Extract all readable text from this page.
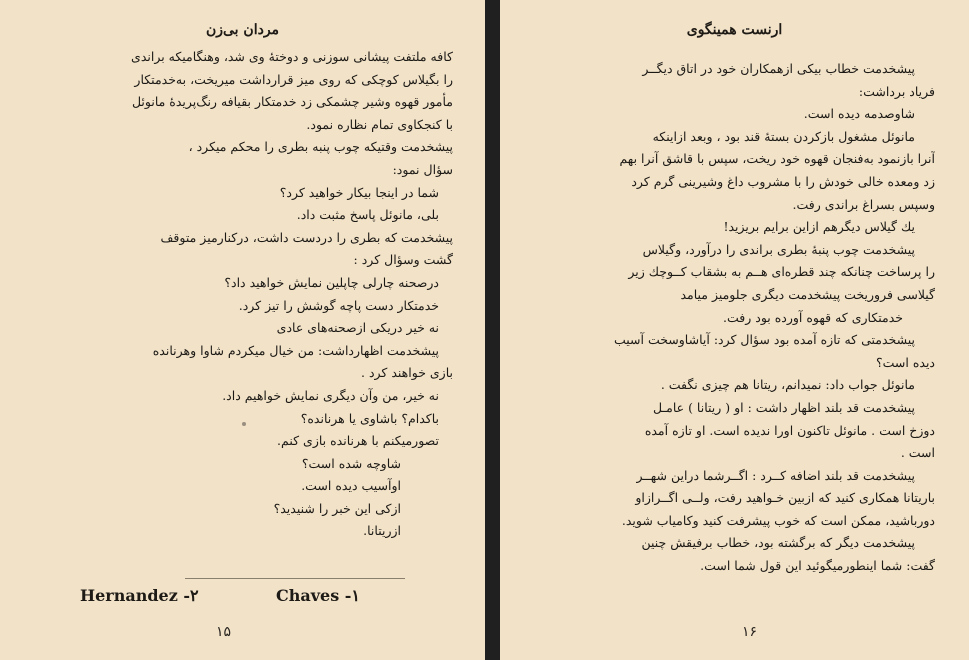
مردان بی‌زن
کافه ملتفت پیشانی سوزنی و دوختهٔ وی شد، وهنگامیکه براندی
را بگیلاس کوچکی که روی میز قرارداشت میریخت، به‌خدمتکار
مأمور قهوه وشیر چشمکی زد خدمتکار بقیافه رنگ‌پریدهٔ مانوئل
با کنجکاوی تمام نظاره نمود.
پیشخدمت وقتیکه چوب پنبه بطری را محکم میکرد ،
سؤال نمود:
شما در اینجا بیکار خواهید کرد؟
بلی، مانوئل پاسخ مثبت داد.
پیشخدمت که بطری را دردست داشت، درکنارمیز متوقف
گشت وسؤال کرد :
درصحنه چارلی چاپلین نمایش خواهید داد؟
خدمتکار دست پاچه گوشش را تیز کرد.
نه خیر دریکی ازصحنه‌های عادی
پیشخدمت اظهارداشت: من خیال میکردم شاوا وهرنانده
بازی خواهند کرد .
نه خیر، من وآن دیگری نمایش خواهیم داد.
باکدام؟ باشاوی یا هرنانده؟
تصورمیکنم با هرنانده بازی کنم.
شاوچه شده است؟
اوآسیب دیده است.
ازکی این خبر را شنیدید؟
ازریتانا.
Hernandez -۲	Chaves -۱
۱۵
ارنست همینگوی
پیشخدمت خطاب بیکی ازهمکاران خود در اتاق دیگــر
فریاد برداشت:
شاوصدمه دیده است.
مانوئل مشغول بازکردن بستهٔ قند بود ، وبعد ازاینکه
آنرا بازنمود به‌فنجان قهوه خود ریخت، سپس با قاشق آنرا بهم
زد ومعده خالی خودش را با مشروب داغ وشیرینی گرم کرد
وسپس بسراغ براندی رفت.
یك گیلاس دیگرهم ازاین برایم بریزید!
پیشخدمت چوب پنبهٔ بطری براندی را درآورد، وگیلاس
را پرساخت چنانکه چند قطره‌ای هــم به بشقاب کــوچك زیر
گیلاسی فروریخت پیشخدمت دیگری جلومیز میامد
خدمتکاری که قهوه آورده بود رفت.
پیشخدمتی که تازه آمده بود سؤال کرد: آیاشاوسخت آسیب
دیده است؟
مانوئل جواب داد: نمیدانم، ریتانا هم چیزی نگفت .
پیشخدمت قد بلند اظهار داشت : او ( ریتانا ) عامـل
دوزخ است . مانوئل تاکنون اورا ندیده است. او تازه آمده
است .
پیشخدمت قد بلند اضافه کــرد : اگــرشما دراین شهــر
باریتانا همکاری کنید که ازبین خـواهید رفت، ولــی اگــرازاو
دورباشید، ممکن است که خوب پیشرفت کنید وکامیاب شوید.
پیشخدمت دیگر که برگشته بود، خطاب برفیقش چنین
گفت: شما اینطورمیگوئید این قول شما است.
۱۶
